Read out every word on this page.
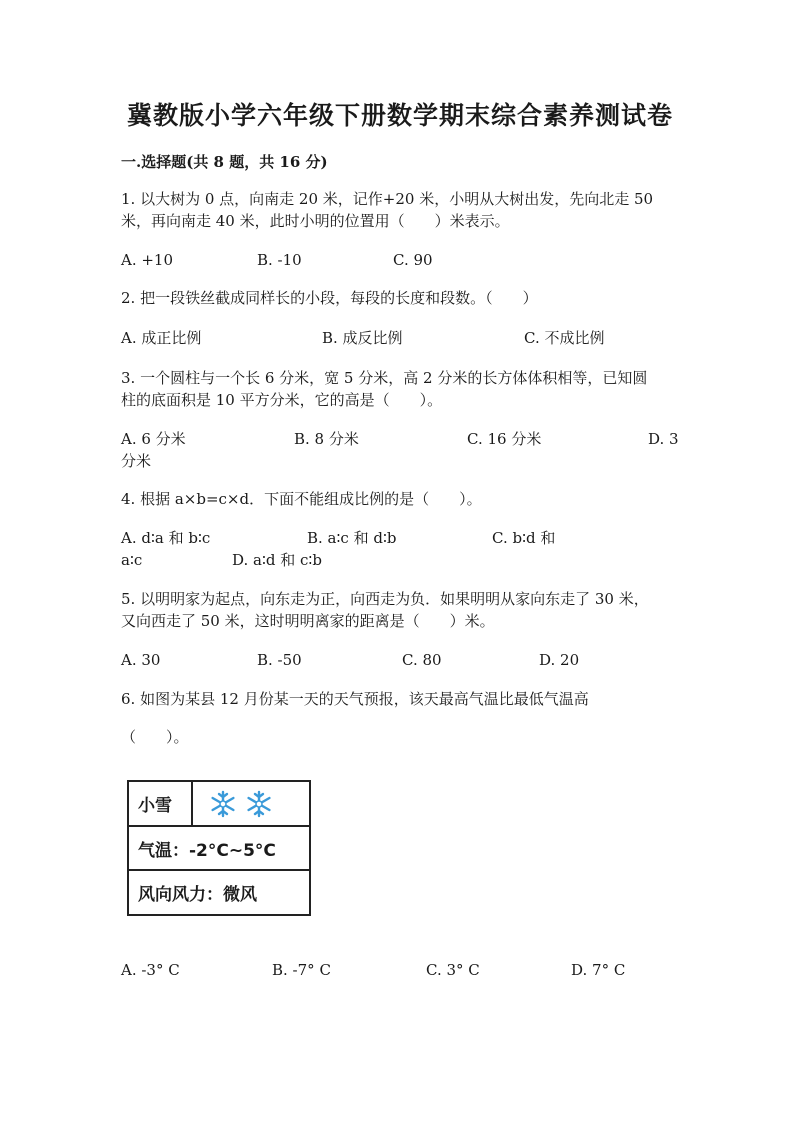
冀教版小学六年级下册数学期末综合素养测试卷
一.选择题(共 8 题，共 16 分)
1. 以大树为 0 点，向南走 20 米，记作+20 米，小明从大树出发，先向北走 50
米，再向南走 40 米，此时小明的位置用（　　）米表示。
A. +10	B. -10	C. 90
2. 把一段铁丝截成同样长的小段，每段的长度和段数。（　　）
A. 成正比例	B. 成反比例	C. 不成比例
3. 一个圆柱与一个长 6 分米，宽 5 分米，高 2 分米的长方体体积相等，已知圆
柱的底面积是 10 平方分米，它的高是（　　）。
A. 6 分米	B. 8 分米	C. 16 分米	D. 3
分米
4. 根据 a×b=c×d．下面不能组成比例的是（　　）。
A. d∶a 和 b∶c	B. a∶c 和 d∶b	C. b∶d 和
a∶c	D. a∶d 和 c∶b
5. 以明明家为起点，向东走为正，向西走为负．如果明明从家向东走了 30 米，
又向西走了 50 米，这时明明离家的距离是（　　）米。
A. 30	B. -50	C. 80	D. 20
6. 如图为某县 12 月份某一天的天气预报，该天最高气温比最低气温高
（　　）。
小雪
气温：-2°C~5°C
风向风力：微风
A. -3° C	B. -7° C	C. 3° C	D. 7° C
